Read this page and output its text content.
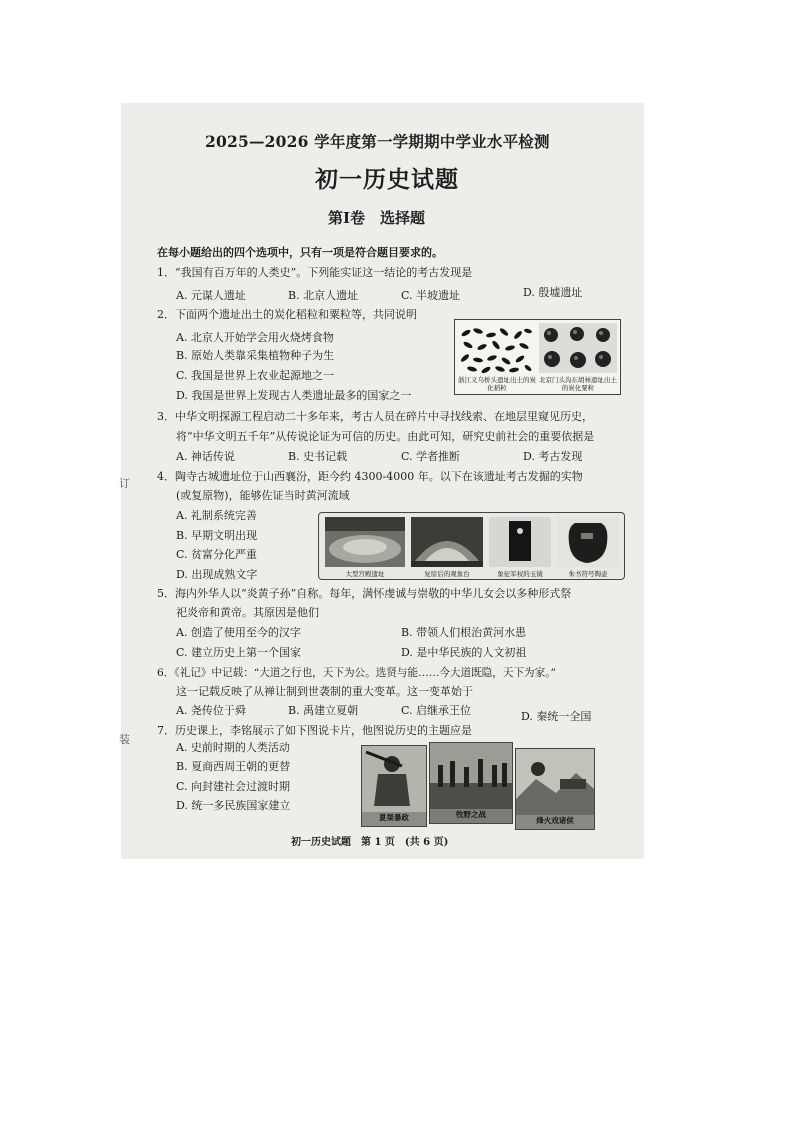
订
装
2025—2026 学年度第一学期期中学业水平检测
初一历史试题
第Ⅰ卷　选择题
在每小题给出的四个选项中，只有一项是符合题目要求的。
1．“我国有百万年的人类史”。下列能实证这一结论的考古发现是
A. 元谋人遗址	B. 北京人遗址	C. 半坡遗址	D. 殷墟遗址
2．下面两个遗址出土的炭化稻粒和粟粒等，共同说明
A. 北京人开始学会用火烧烤食物
B. 原始人类靠采集植物种子为生
C. 我国是世界上农业起源地之一
D. 我国是世界上发现古人类遗址最多的国家之一
浙江义乌桥头遗址出土的炭化稻粒
北京门头沟东胡林遗址出土的炭化粟粒
3．中华文明探源工程启动二十多年来，考古人员在碎片中寻找线索、在地层里窥见历史，
将“中华文明五千年”从传说论证为可信的历史。由此可知，研究史前社会的重要依据是
A. 神话传说	B. 史书记载	C. 学者推断	D. 考古发现
4．陶寺古城遗址位于山西襄汾，距今约 4300-4000 年。以下在该遗址考古发掘的实物
(或复原物)，能够佐证当时黄河流域
A. 礼制系统完善
B. 早期文明出现
C. 贫富分化严重
D. 出现成熟文字	大型宫殿遗址	复原后的观象台	象征军权的玉钺	朱书符号陶壶
5．海内外华人以“炎黄子孙”自称。每年，满怀虔诚与崇敬的中华儿女会以多种形式祭
祀炎帝和黄帝。其原因是他们
A. 创造了使用至今的汉字	B. 带领人们根治黄河水患
C. 建立历史上第一个国家	D. 是中华民族的人文初祖
6．《礼记》中记载：“大道之行也，天下为公。选贤与能……今大道既隐，天下为家。”
这一记载反映了从禅让制到世袭制的重大变革。这一变革始于
A. 尧传位于舜	B. 禹建立夏朝	C. 启继承王位	D. 秦统一全国
7．历史课上，李铭展示了如下图说卡片，他图说历史的主题应是
A. 史前时期的人类活动
B. 夏商西周王朝的更替
C. 向封建社会过渡时期
D. 统一多民族国家建立
夏桀暴政	牧野之战
烽火戏诸侯
初一历史试题　第 1 页　(共 6 页)
